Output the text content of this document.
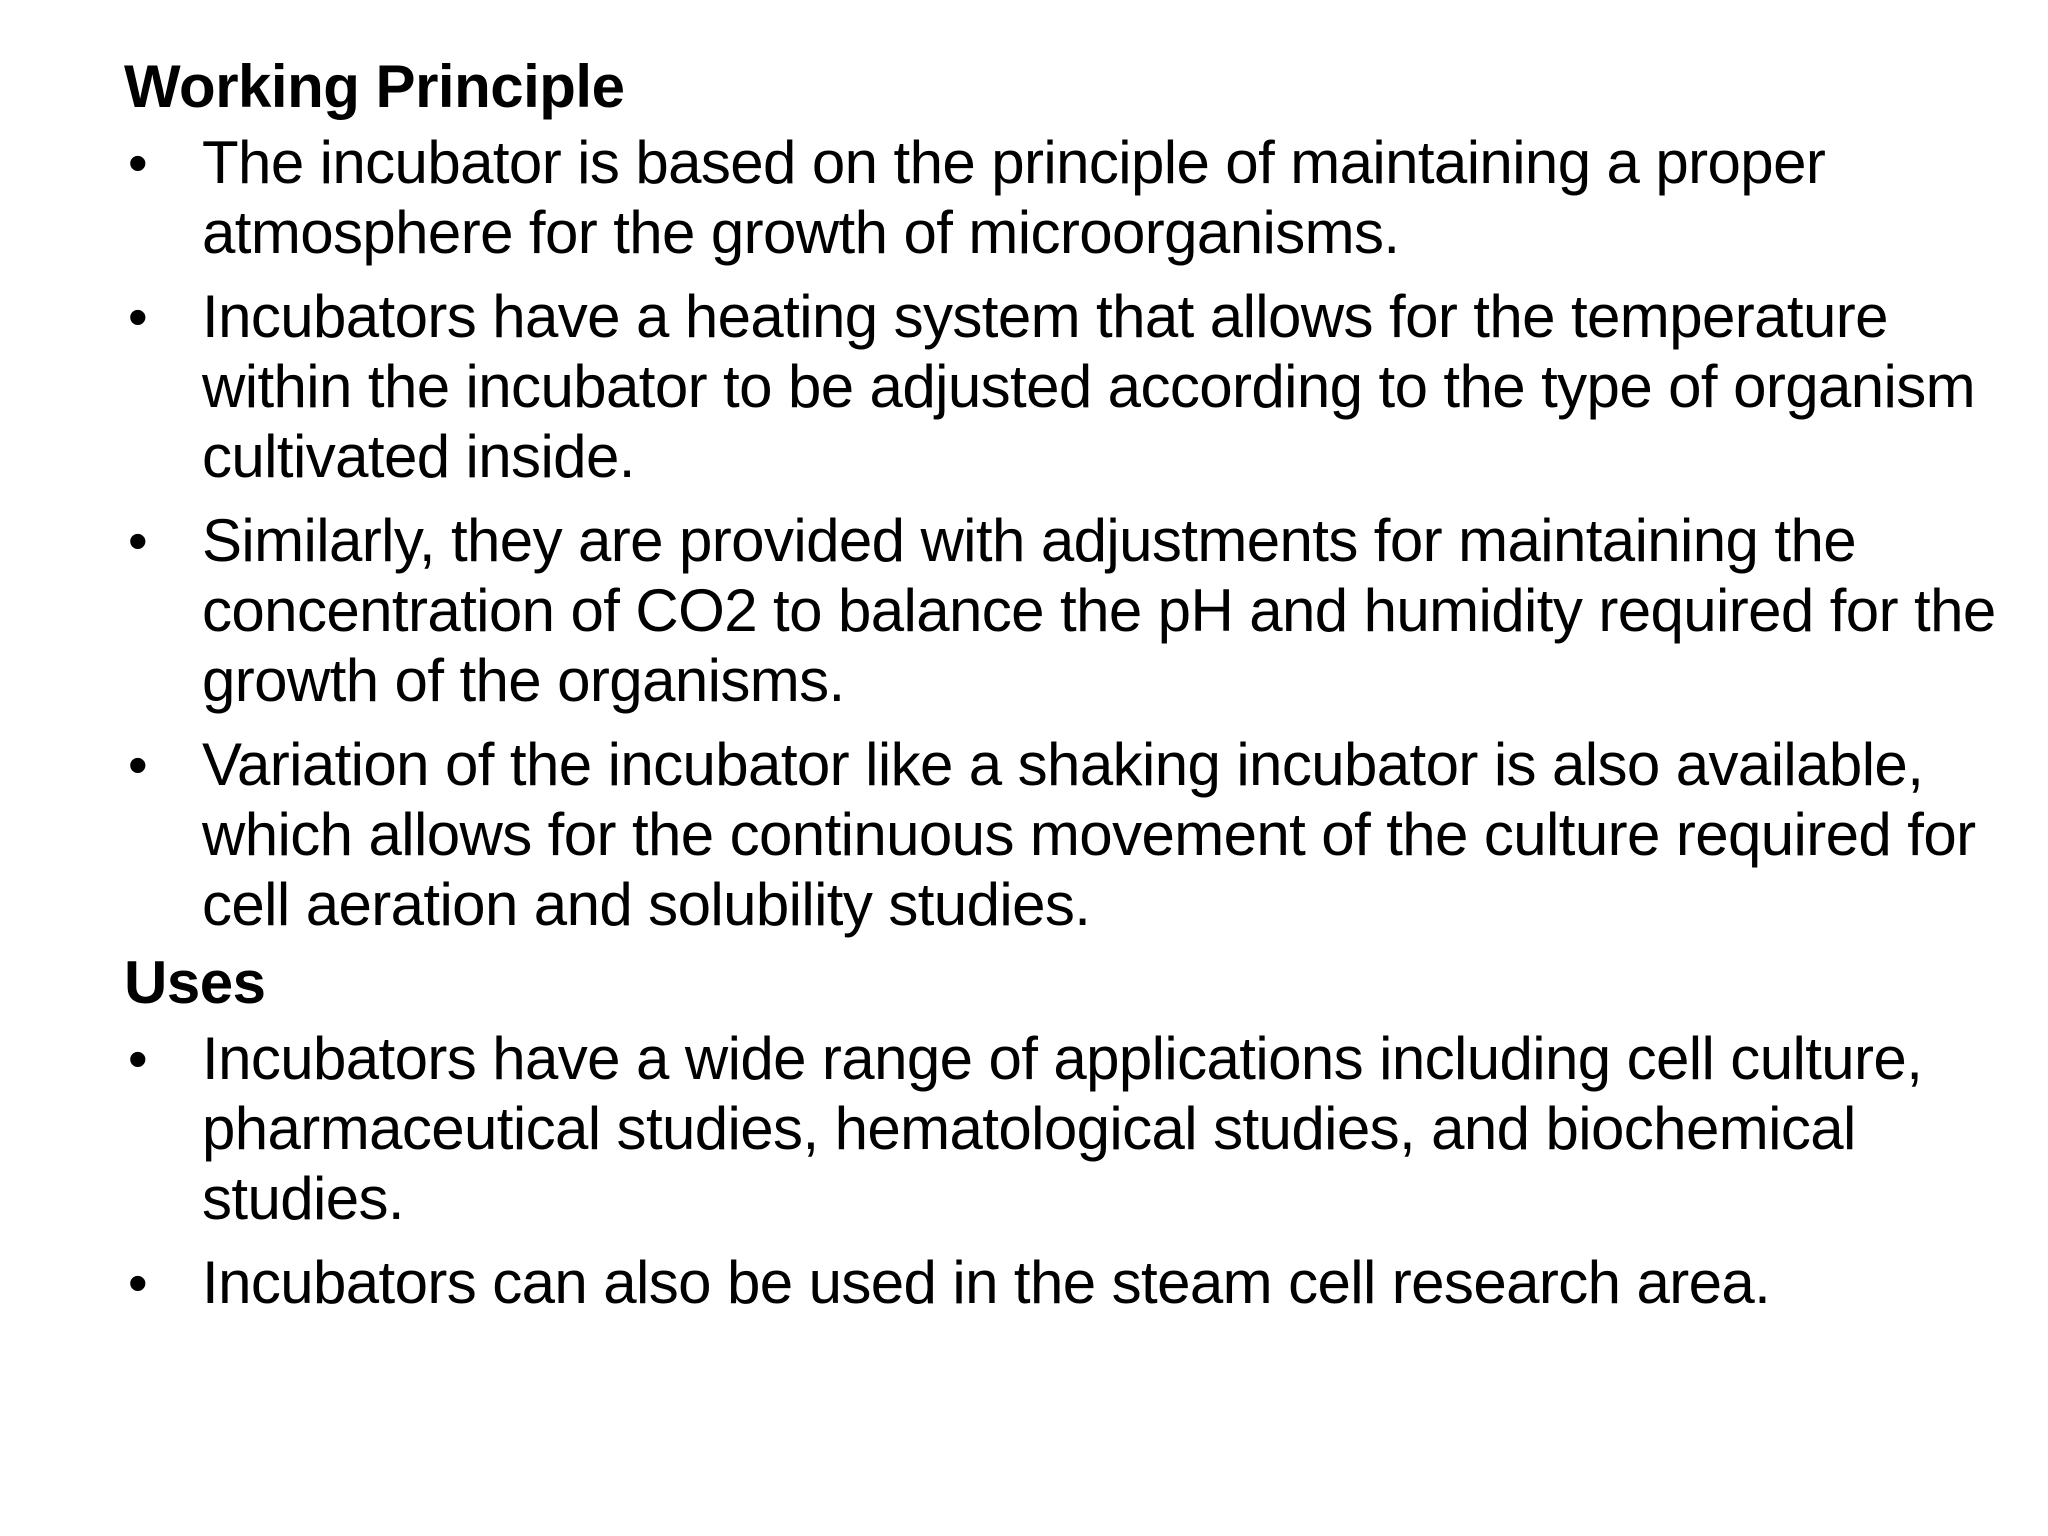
Working Principle
• The incubator is based on the principle of maintaining a proper atmosphere for the growth of microorganisms.
• Incubators have a heating system that allows for the temperature within the incubator to be adjusted according to the type of organism cultivated inside.
• Similarly, they are provided with adjustments for maintaining the concentration of CO2 to balance the pH and humidity required for the growth of the organisms.
• Variation of the incubator like a shaking incubator is also available, which allows for the continuous movement of the culture required for cell aeration and solubility studies.
Uses
• Incubators have a wide range of applications including cell culture, pharmaceutical studies, hematological studies, and biochemical studies.
• Incubators can also be used in the steam cell research area.
